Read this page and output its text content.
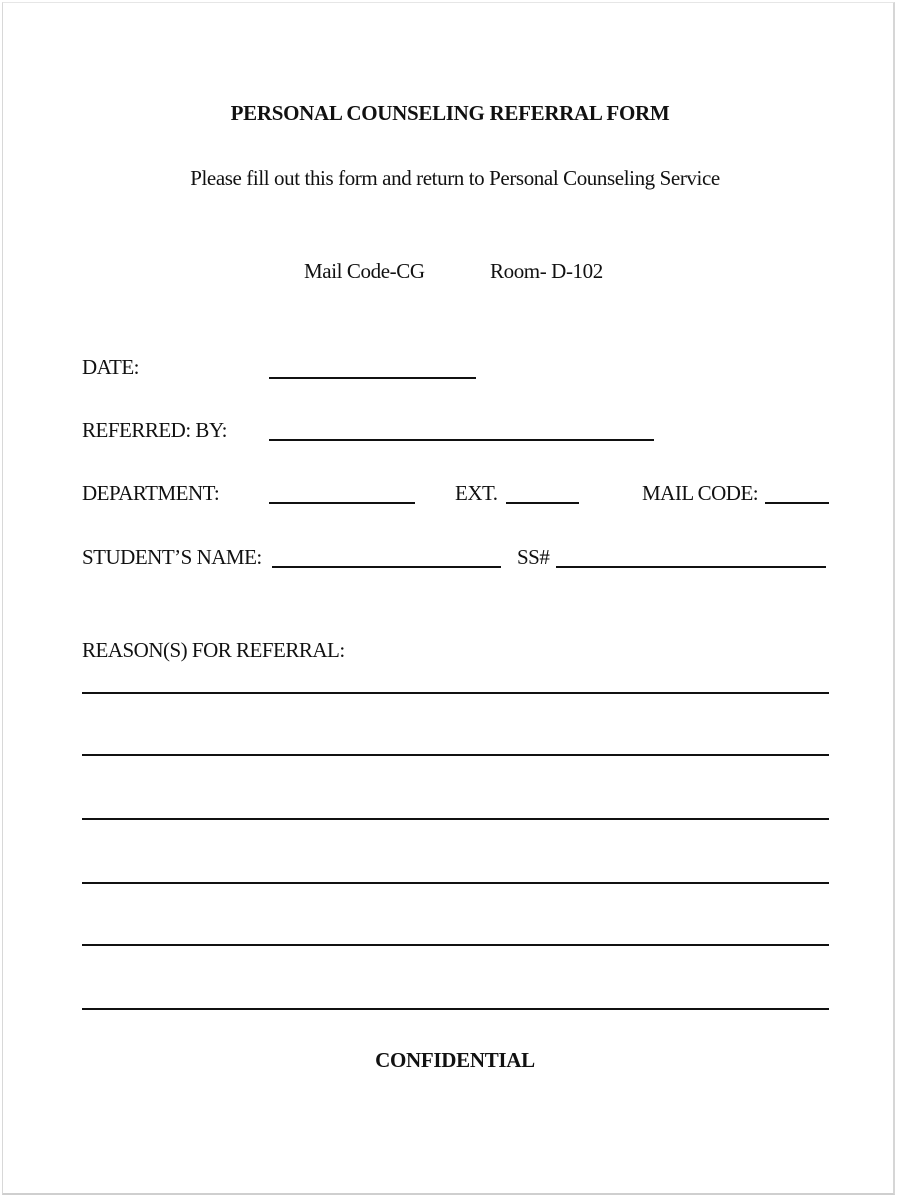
PERSONAL COUNSELING REFERRAL FORM
Please fill out this form and return to Personal Counseling Service
Mail Code-CG	Room- D-102
DATE:
REFERRED: BY:
DEPARTMENT:	EXT.	MAIL CODE:
STUDENT’S NAME:	SS#
REASON(S) FOR REFERRAL:
CONFIDENTIAL
